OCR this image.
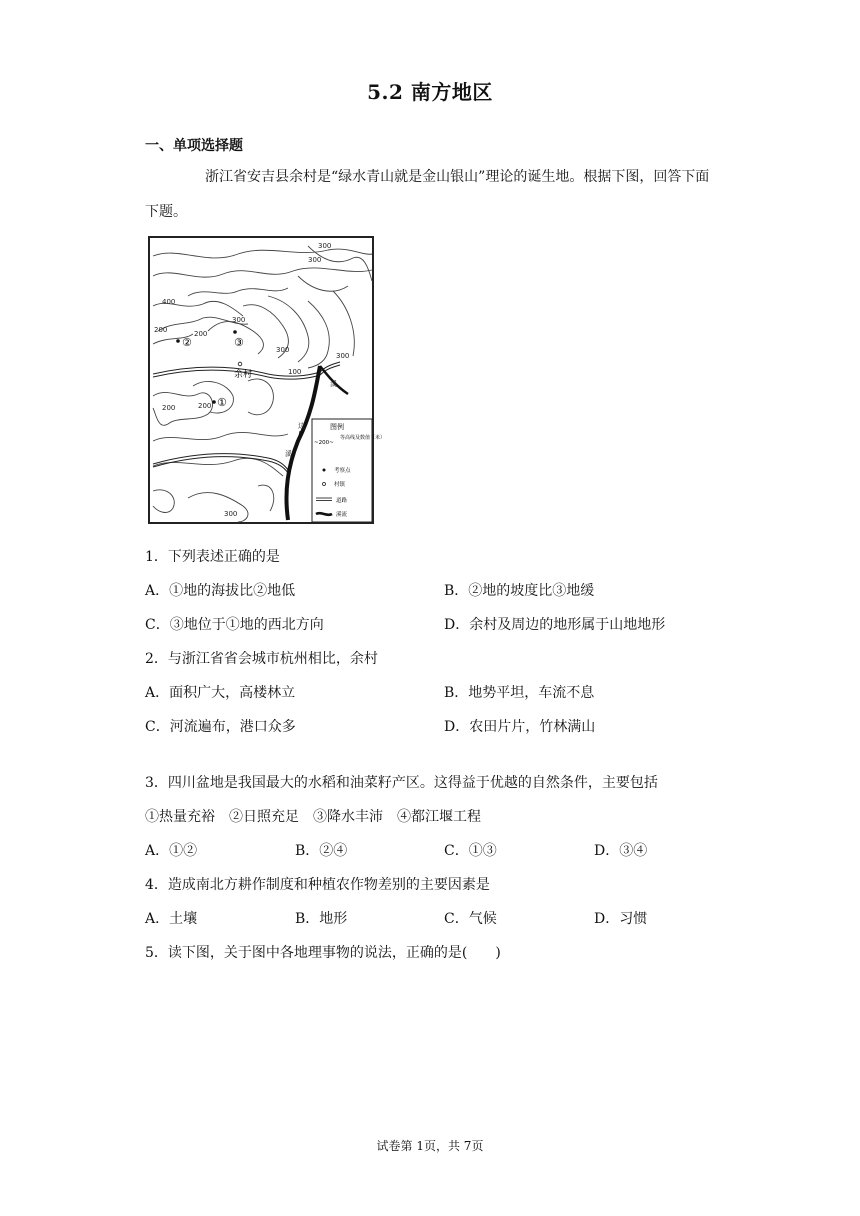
5.2 南方地区
一、单项选择题
浙江省安吉县余村是“绿水青山就是金山银山”理论的诞生地。根据下图，回答下面下题。
300
300
400
300
200	200
300
100
200	200
300
300
溪
边
溪
②	③
①
余村
图例
~200~
等高线及数值（米）
考察点
村镇
道路
溪流
1．下列表述正确的是
A．①地的海拔比②地低	B．②地的坡度比③地缓
C．③地位于①地的西北方向	D．余村及周边的地形属于山地地形
2．与浙江省省会城市杭州相比，余村
A．面积广大，高楼林立	B．地势平坦，车流不息
C．河流遍布，港口众多	D．农田片片，竹林满山
3．四川盆地是我国最大的水稻和油菜籽产区。这得益于优越的自然条件，主要包括
①热量充裕　②日照充足　③降水丰沛　④都江堰工程
A．①②	B．②④	C．①③	D．③④
4．造成南北方耕作制度和种植农作物差别的主要因素是
A．土壤	B．地形	C．气候	D．习惯
5．读下图，关于图中各地理事物的说法，正确的是(　　)
试卷第 1页，共 7页
